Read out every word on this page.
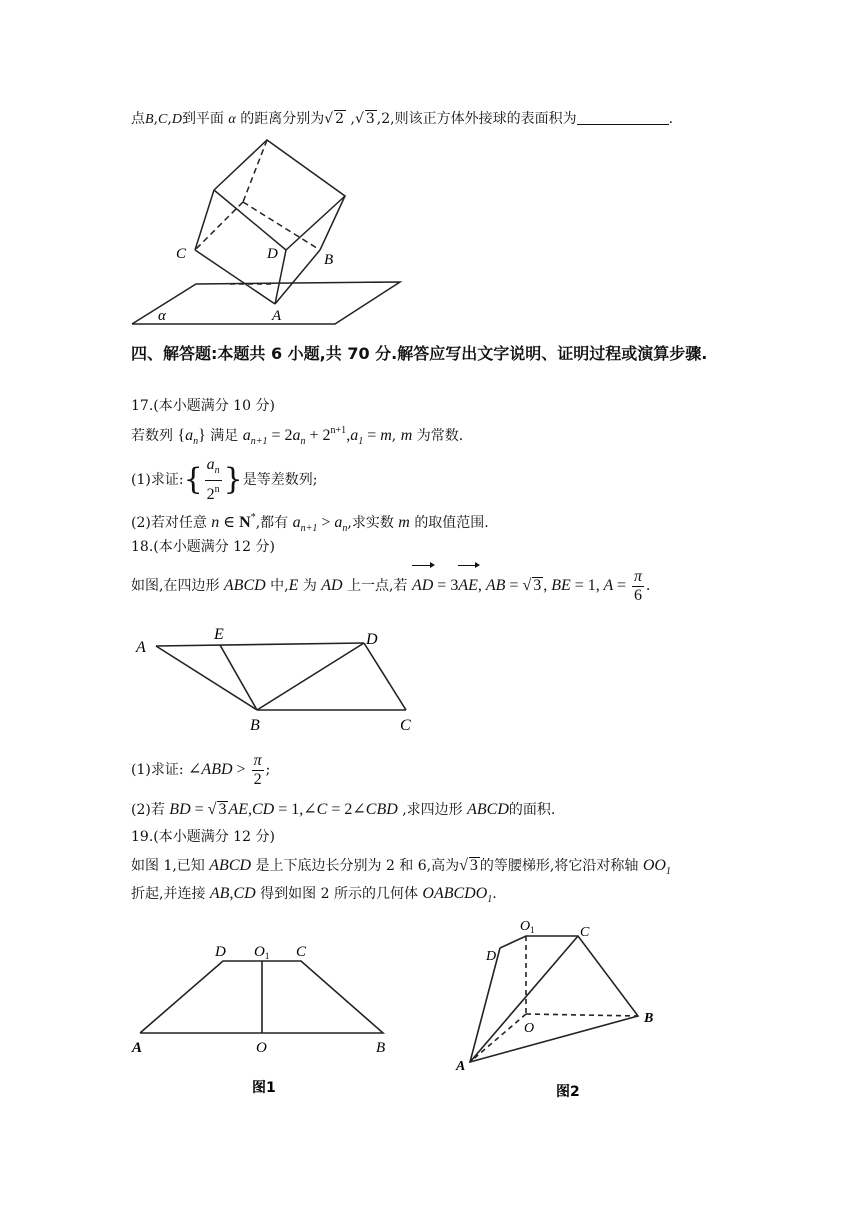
点B,C,D到平面 α 的距离分别为√ 2 ,√ 3 ,2,则该正方体外接球的表面积为	.
C	D	B
A
α
四、解答题:本题共 6 小题,共 70 分.解答应写出文字说明、证明过程或演算步骤.
17.(本小题满分 10 分)
若数列 $\{a_n\}$ 满足 $a_{n+1} = 2a_n + 2^{n+1},a_1 = m$, m 为常数.
(1)求证:{ $\frac{a_n}{2^n}$ }是等差数列;
(2)若对任意 n ∈ N*,都有 $a_{n+1} > a_n$,求实数 m 的取值范围.
18.(本小题满分 12 分)
如图,在四边形 ABCD 中,E 为 AD 上一点,若 AD = 3AE, AB = √ 3 , BE = 1, $A = \frac{\pi}{6}$ .
A
E	D
B	C
(1)求证: ∠ABD > $\frac{\pi}{2}$ ;
(2)若 BD = √ 3 AE,CD = 1,∠C = 2∠CBD ,求四边形 ABCD的面积.
19.(本小题满分 12 分)
如图 1,已知 ABCD 是上下底边长分别为 2 和 6,高为√ 3 的等腰梯形,将它沿对称轴 $OO_1$
折起,并连接 AB,CD 得到如图 2 所示的几何体 $OABCDO_1$.
D $O_1$ C
A	O	B
图1
$O_1$	C
D
O
B
A
图2
